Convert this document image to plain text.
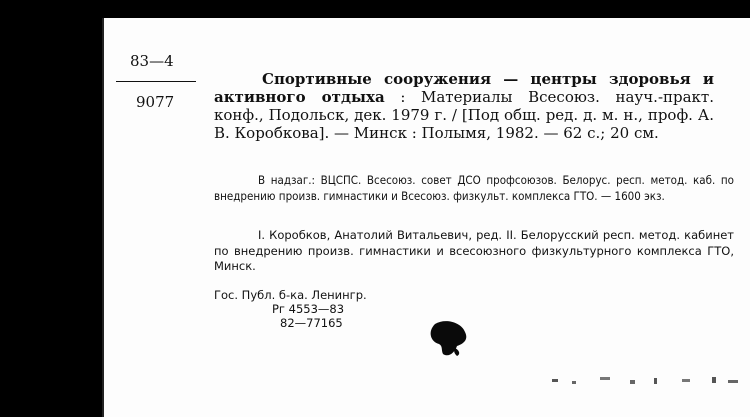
83—4
9077
Спортивные сооружения — центры здоровья и активного отдыха : Материалы Всесоюз. науч.-практ. конф., Подольск, дек. 1979 г. / [Под общ. ред. д. м. н., проф. А. В. Коробкова]. — Минск : Полымя, 1982. — 62 с.; 20 см.
В надзаг.: ВЦСПС. Всесоюз. совет ДСО профсоюзов. Белорус. респ. метод. каб. по внедрению произв. гимнастики и Всесоюз. физкульт. комплекса ГТО. — 1600 экз.
I. Коробков, Анатолий Витальевич, ред. II. Белорусский респ. метод. кабинет по внедрению произв. гимнастики и всесоюзного физкультурного комплекса ГТО, Минск.
Гос. Публ. б-ка. Ленингр.
Рг 4553—83
82—77165
